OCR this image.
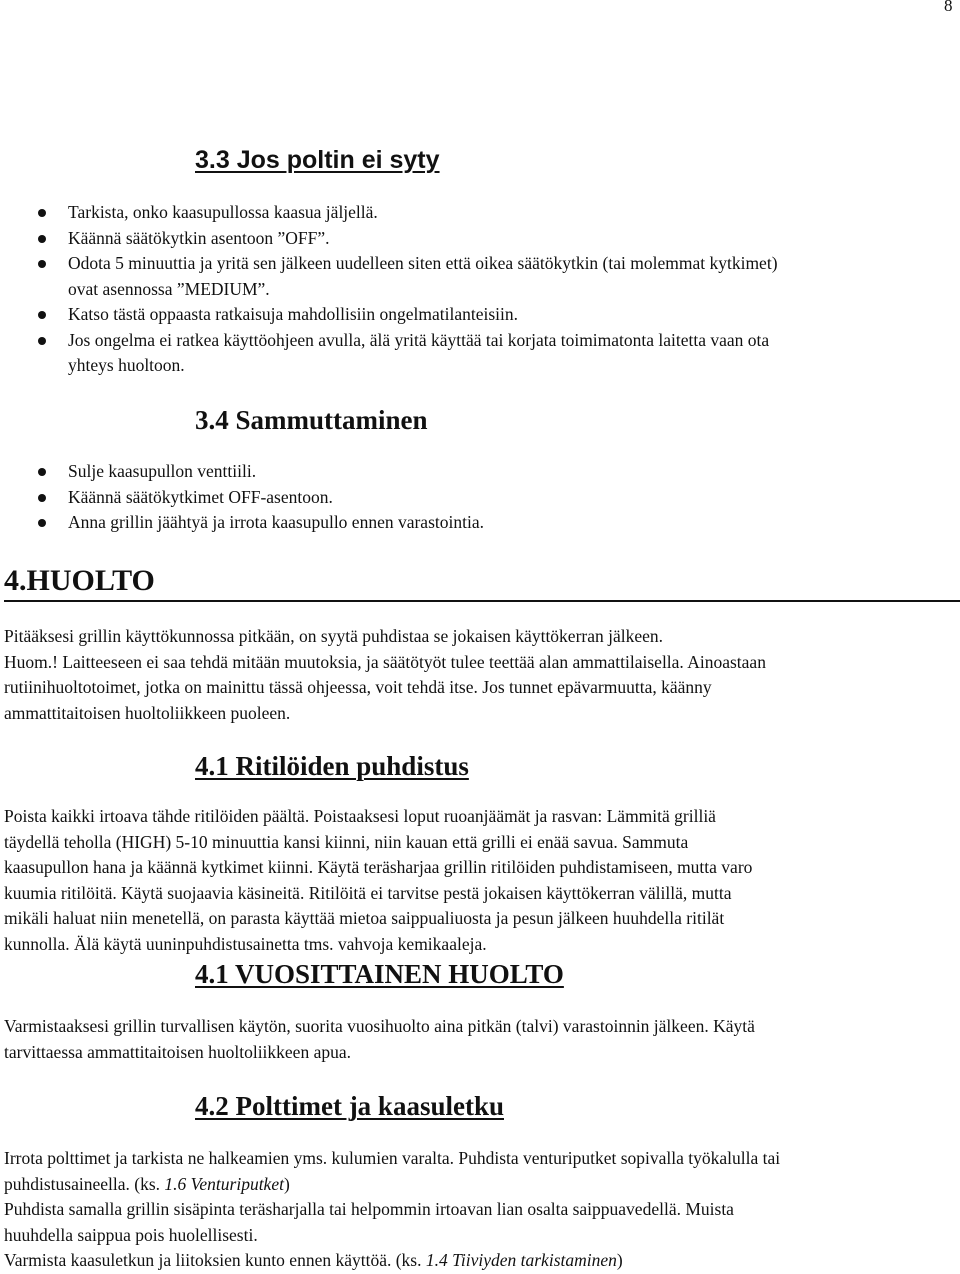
8
3.3 Jos poltin ei syty
Tarkista, onko kaasupullossa kaasua jäljellä.
Käännä säätökytkin asentoon ”OFF”.
Odota 5 minuuttia ja yritä sen jälkeen uudelleen siten että oikea säätökytkin (tai molemmat kytkimet)
ovat asennossa ”MEDIUM”.
Katso tästä oppaasta ratkaisuja mahdollisiin ongelmatilanteisiin.
Jos ongelma ei ratkea käyttöohjeen avulla, älä yritä käyttää tai korjata toimimatonta laitetta vaan ota
yhteys huoltoon.
3.4 Sammuttaminen
Sulje kaasupullon venttiili.
Käännä säätökytkimet OFF-asentoon.
Anna grillin jäähtyä ja irrota kaasupullo ennen varastointia.
4.HUOLTO
Pitääksesi grillin käyttökunnossa pitkään, on syytä puhdistaa se jokaisen käyttökerran jälkeen.
Huom.! Laitteeseen ei saa tehdä mitään muutoksia, ja säätötyöt tulee teettää alan ammattilaisella. Ainoastaan
rutiinihuoltotoimet, jotka on mainittu tässä ohjeessa, voit tehdä itse. Jos tunnet epävarmuutta, käänny
ammattitaitoisen huoltoliikkeen puoleen.
4.1 Ritilöiden puhdistus
Poista kaikki irtoava tähde ritilöiden päältä. Poistaaksesi loput ruoanjäämät ja rasvan: Lämmitä grilliä
täydellä teholla (HIGH) 5-10 minuuttia kansi kiinni, niin kauan että grilli ei enää savua. Sammuta
kaasupullon hana ja käännä kytkimet kiinni. Käytä teräsharjaa grillin ritilöiden puhdistamiseen, mutta varo
kuumia ritilöitä. Käytä suojaavia käsineitä. Ritilöitä ei tarvitse pestä jokaisen käyttökerran välillä, mutta
mikäli haluat niin menetellä, on parasta käyttää mietoa saippualiuosta ja pesun jälkeen huuhdella ritilät
kunnolla. Älä käytä uuninpuhdistusainetta tms. vahvoja kemikaaleja.
4.1 VUOSITTAINEN HUOLTO
Varmistaaksesi grillin turvallisen käytön, suorita vuosihuolto aina pitkän (talvi) varastoinnin jälkeen. Käytä
tarvittaessa ammattitaitoisen huoltoliikkeen apua.
4.2 Polttimet ja kaasuletku
Irrota polttimet ja tarkista ne halkeamien yms. kulumien varalta. Puhdista venturiputket sopivalla työkalulla tai
puhdistusaineella. (ks. 1.6 Venturiputket)
Puhdista samalla grillin sisäpinta teräsharjalla tai helpommin irtoavan lian osalta saippuavedellä. Muista
huuhdella saippua pois huolellisesti.
Varmista kaasuletkun ja liitoksien kunto ennen käyttöä. (ks. 1.4 Tiiviyden tarkistaminen)
